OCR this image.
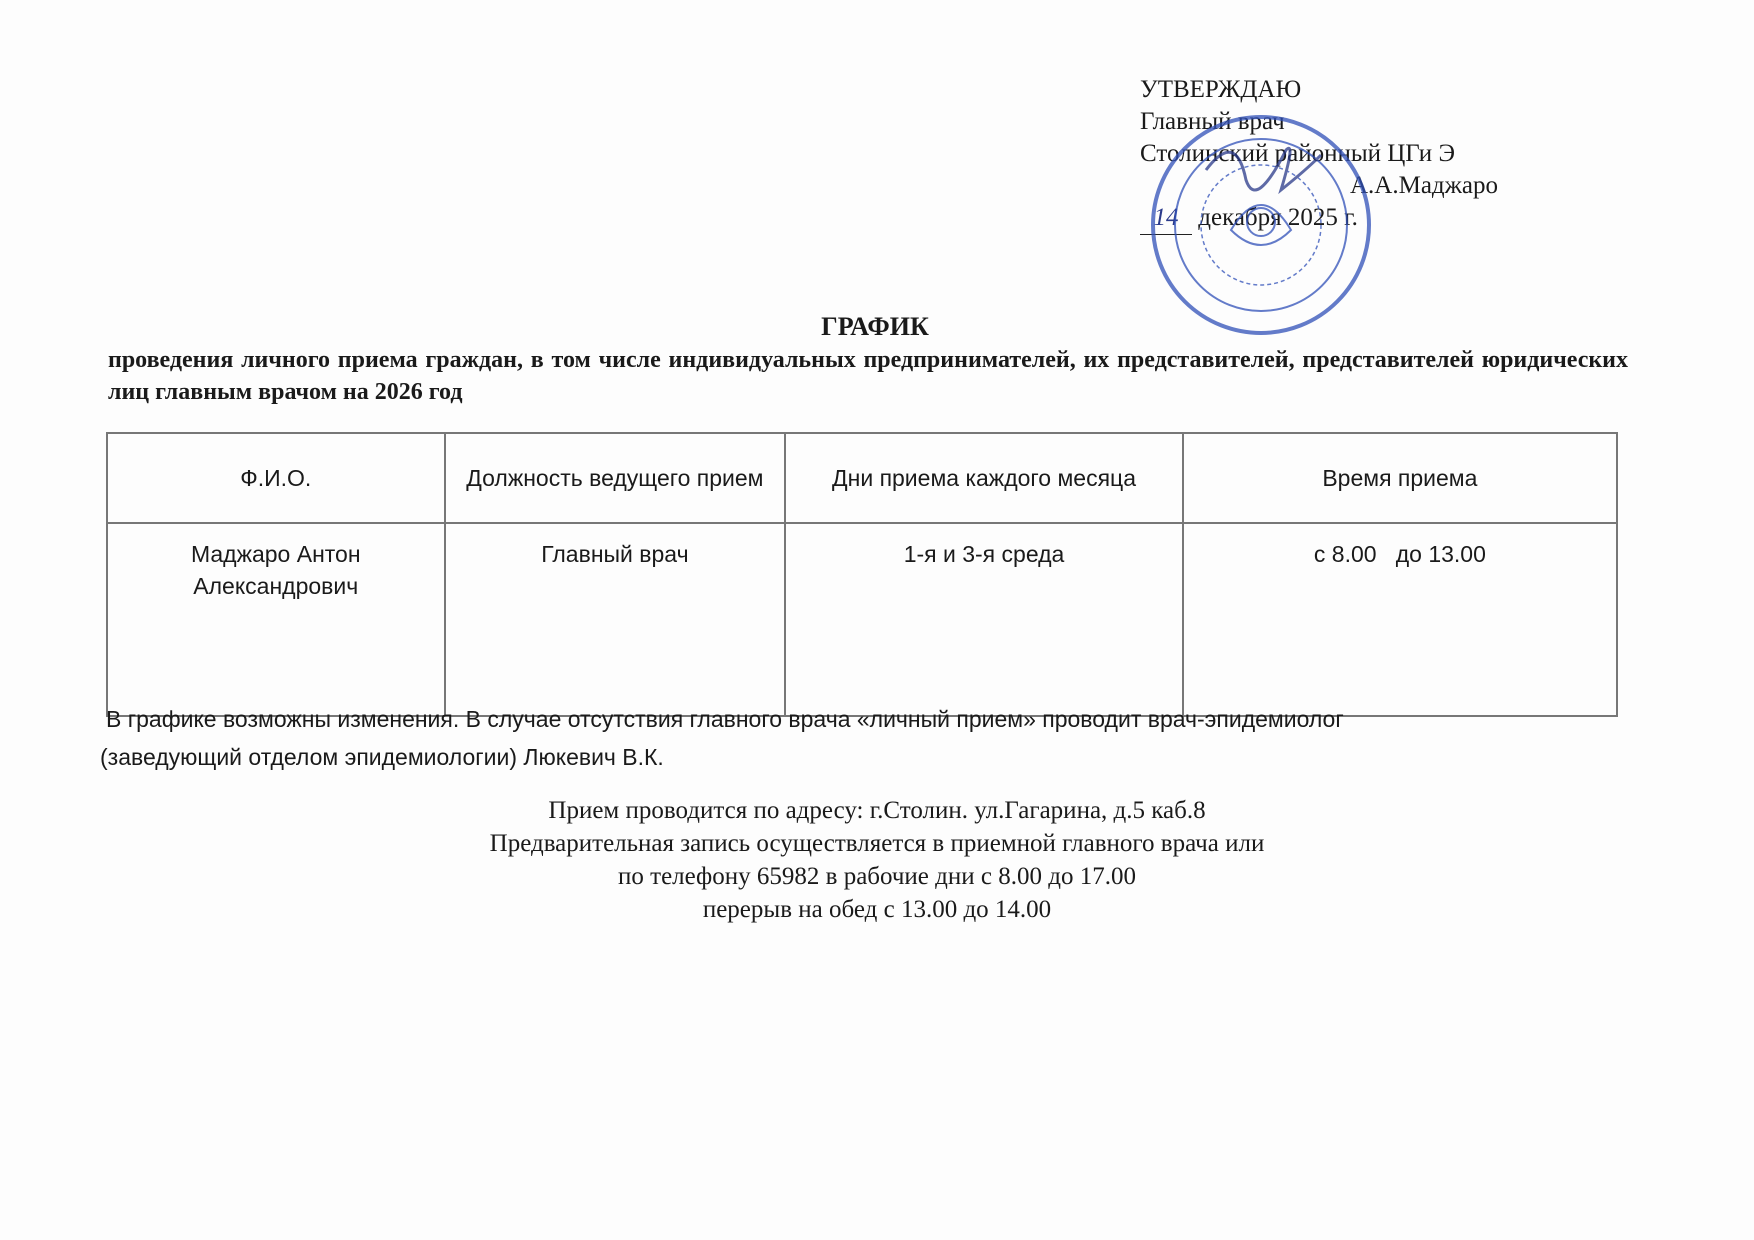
УТВЕРЖДАЮ
Главный врач
Столинский районный ЦГи Э
А.А.Маджаро
14 декабря 2025 г.
ГРАФИК
проведения личного приема граждан, в том числе индивидуальных предпринимателей, их представителей, представителей юридических лиц главным врачом на 2026 год
Ф.И.О.	Должность ведущего прием	Дни приема каждого месяца	Время приема

Маджаро Антон
Александрович	Главный врач	1-я и 3-я среда	с 8.00   до 13.00
В графике возможны изменения. В случае отсутствия главного врача «личный прием» проводит врач-эпидемиолог
(заведующий отделом эпидемиологии) Люкевич В.К.
Прием проводится по адресу: г.Столин. ул.Гагарина, д.5 каб.8
Предварительная запись осуществляется в приемной главного врача или
по телефону 65982 в рабочие дни с 8.00 до 17.00
перерыв на обед с 13.00 до 14.00
